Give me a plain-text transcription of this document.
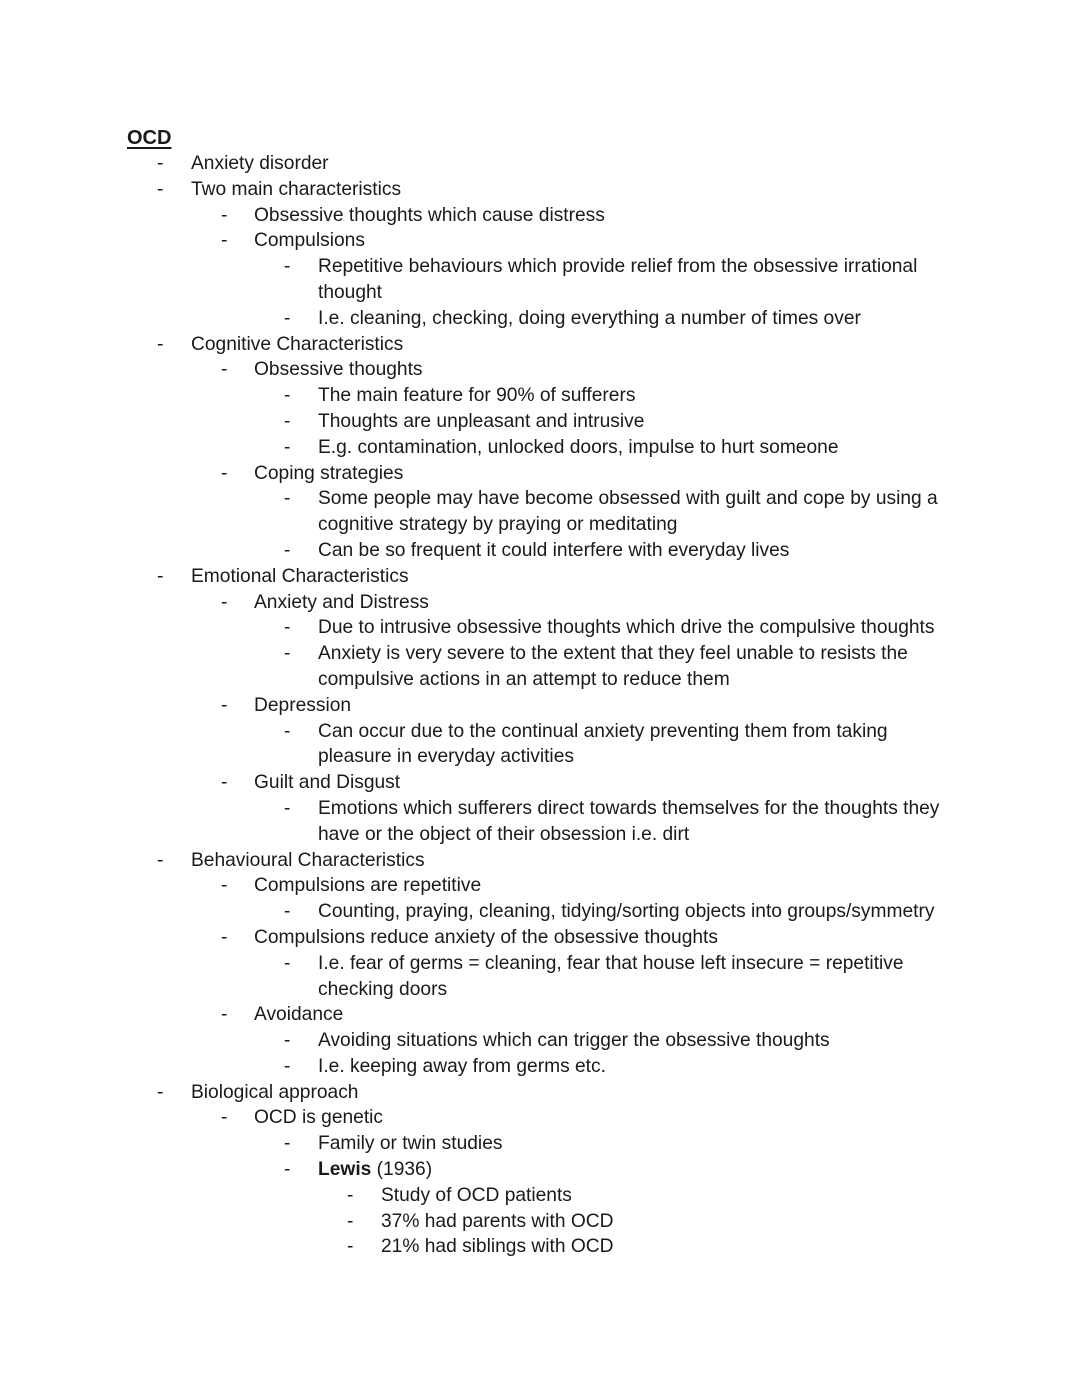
OCD
- Anxiety disorder
- Two main characteristics
- Obsessive thoughts which cause distress
- Compulsions
- Repetitive behaviours which provide relief from the obsessive irrational
thought
- I.e. cleaning, checking, doing everything a number of times over
- Cognitive Characteristics
- Obsessive thoughts
- The main feature for 90% of sufferers
- Thoughts are unpleasant and intrusive
- E.g. contamination, unlocked doors, impulse to hurt someone
- Coping strategies
- Some people may have become obsessed with guilt and cope by using a
cognitive strategy by praying or meditating
- Can be so frequent it could interfere with everyday lives
- Emotional Characteristics
- Anxiety and Distress
- Due to intrusive obsessive thoughts which drive the compulsive thoughts
- Anxiety is very severe to the extent that they feel unable to resists the
compulsive actions in an attempt to reduce them
- Depression
- Can occur due to the continual anxiety preventing them from taking
pleasure in everyday activities
- Guilt and Disgust
- Emotions which sufferers direct towards themselves for the thoughts they
have or the object of their obsession i.e. dirt
- Behavioural Characteristics
- Compulsions are repetitive
- Counting, praying, cleaning, tidying/sorting objects into groups/symmetry
- Compulsions reduce anxiety of the obsessive thoughts
- I.e. fear of germs = cleaning, fear that house left insecure = repetitive
checking doors
- Avoidance
- Avoiding situations which can trigger the obsessive thoughts
- I.e. keeping away from germs etc.
- Biological approach
- OCD is genetic
- Family or twin studies
- Lewis (1936)
- Study of OCD patients
- 37% had parents with OCD
- 21% had siblings with OCD
